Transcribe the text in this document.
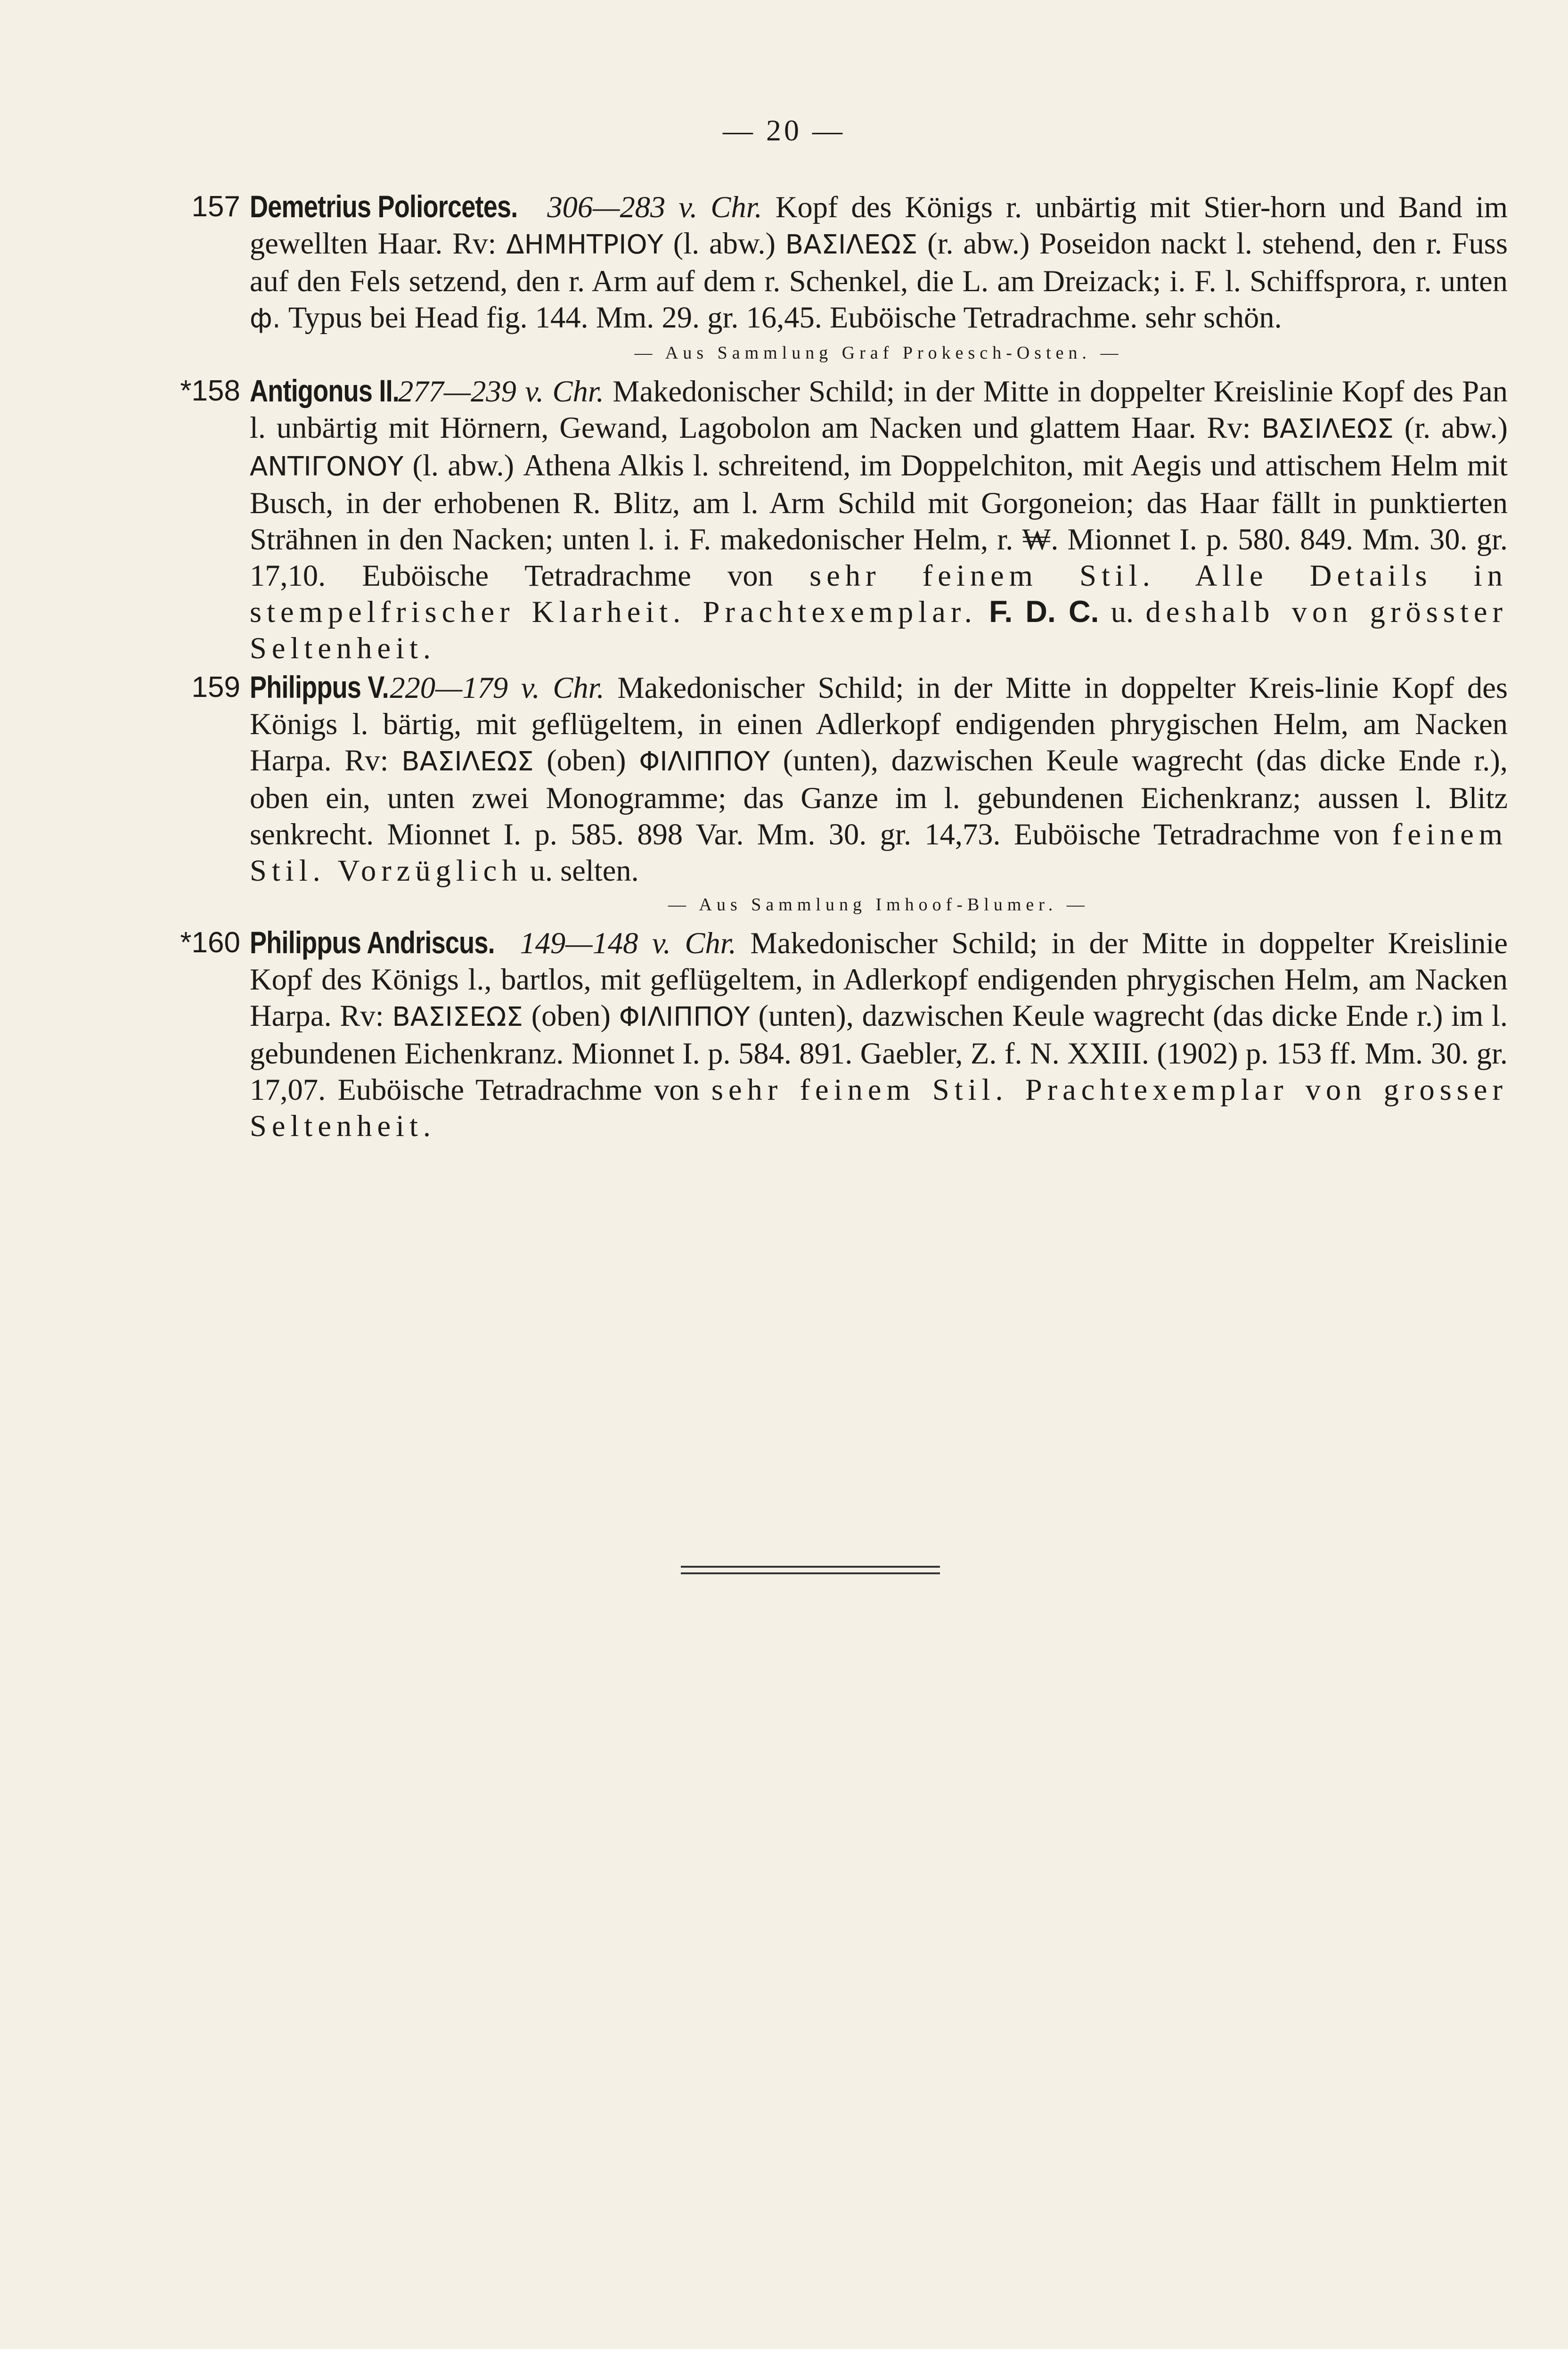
— 20 —
157 Demetrius Poliorcetes. 306—283 v. Chr. Kopf des Königs r. unbärtig mit Stier-horn und Band im gewellten Haar. Rv: ΔΗΜΗΤΡΙΟΥ (l. abw.) ΒΑΣΙΛΕΩΣ (r. abw.) Poseidon nackt l. stehend, den r. Fuss auf den Fels setzend, den r. Arm auf dem r. Schenkel, die L. am Dreizack; i. F. l. Schiffsprora, r. unten ф. Typus bei Head fig. 144. Mm. 29. gr. 16,45. Euböische Tetradrachme. sehr schön.
— Aus Sammlung Graf Prokesch-Osten. —
*158 Antigonus II. 277—239 v. Chr. Makedonischer Schild; in der Mitte in doppelter Kreislinie Kopf des Pan l. unbärtig mit Hörnern, Gewand, Lagobolon am Nacken und glattem Haar. Rv: ΒΑΣΙΛΕΩΣ (r. abw.) ΑΝΤΙΓΟΝΟΥ (l. abw.) Athena Alkis l. schreitend, im Doppelchiton, mit Aegis und attischem Helm mit Busch, in der erhobenen R. Blitz, am l. Arm Schild mit Gorgoneion; das Haar fällt in punktierten Strähnen in den Nacken; unten l. i. F. makedonischer Helm, r. ₩. Mionnet I. p. 580. 849. Mm. 30. gr. 17,10. Euböische Tetradrachme von sehr feinem Stil. Alle Details in stempelfrischer Klarheit. Prachtexemplar. F. D. C. u. deshalb von grösster Seltenheit.
159 Philippus V. 220—179 v. Chr. Makedonischer Schild; in der Mitte in doppelter Kreis-linie Kopf des Königs l. bärtig, mit geflügeltem, in einen Adlerkopf endigenden phrygischen Helm, am Nacken Harpa. Rv: ΒΑΣΙΛΕΩΣ (oben) ΦΙΛΙΠΠΟΥ (unten), dazwischen Keule wagrecht (das dicke Ende r.), oben ein, unten zwei Monogramme; das Ganze im l. gebundenen Eichenkranz; aussen l. Blitz senkrecht. Mionnet I. p. 585. 898 Var. Mm. 30. gr. 14,73. Euböische Tetradrachme von feinem Stil. Vorzüglich u. selten.
— Aus Sammlung Imhoof-Blumer. —
*160 Philippus Andriscus. 149—148 v. Chr. Makedonischer Schild; in der Mitte in doppelter Kreislinie Kopf des Königs l., bartlos, mit geflügeltem, in Adlerkopf endigenden phrygischen Helm, am Nacken Harpa. Rv: ΒΑΣΙΣΕΩΣ (oben) ΦΙΛΙΠΠΟΥ (unten), dazwischen Keule wagrecht (das dicke Ende r.) im l. gebundenen Eichenkranz. Mionnet I. p. 584. 891. Gaebler, Z. f. N. XXIII. (1902) p. 153 ff. Mm. 30. gr. 17,07. Euböische Tetradrachme von sehr feinem Stil. Prachtexemplar von grosser Seltenheit.
